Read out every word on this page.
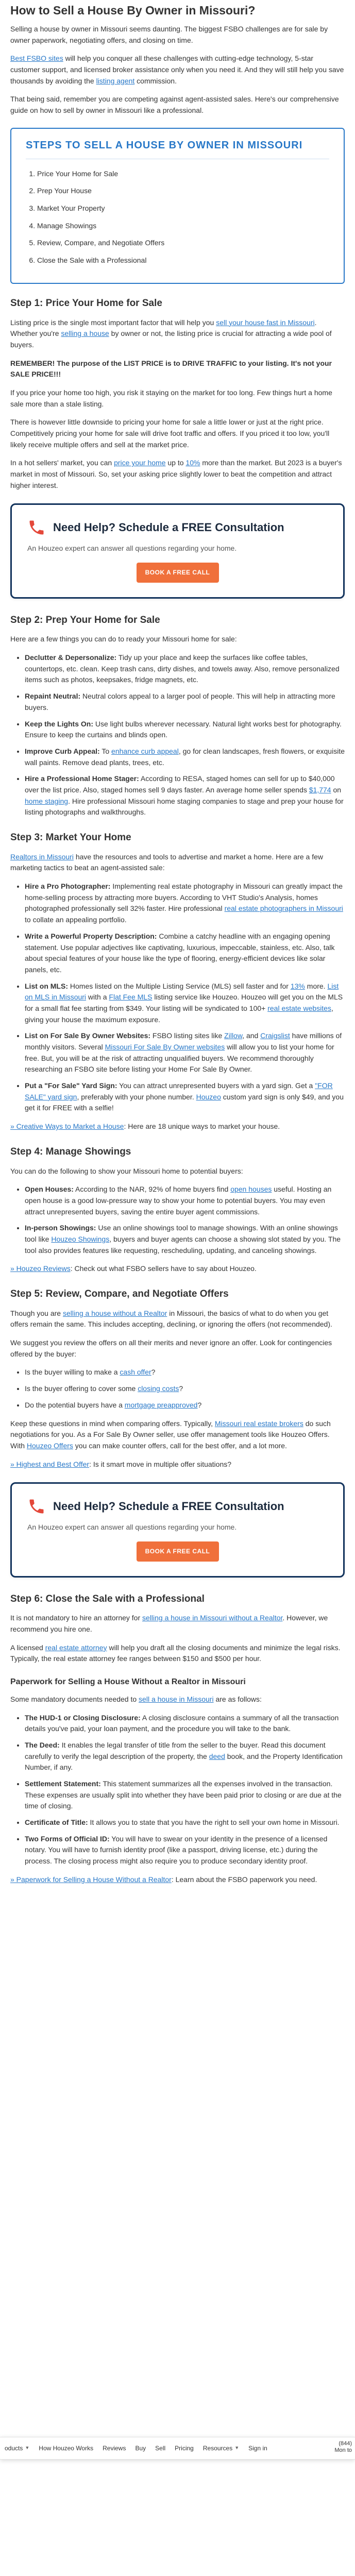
How to Sell a House By Owner in Missouri?

Selling a house by owner in Missouri seems daunting. The biggest FSBO challenges are for sale by owner paperwork, negotiating offers, and closing on time.

Best FSBO sites will help you conquer all these challenges with cutting-edge technology, 5-star customer support, and licensed broker assistance only when you need it. And they will still help you save thousands by avoiding the listing agent commission.

That being said, remember you are competing against agent-assisted sales. Here's our comprehensive guide on how to sell by owner in Missouri like a professional.

STEPS TO SELL A HOUSE BY OWNER IN MISSOURI
1. Price Your Home for Sale
2. Prep Your House
3. Market Your Property
4. Manage Showings
5. Review, Compare, and Negotiate Offers
6. Close the Sale with a Professional
Step 1: Price Your Home for Sale

Listing price is the single most important factor that will help you sell your house fast in Missouri. Whether you're selling a house by owner or not, the listing price is crucial for attracting a wide pool of buyers.

REMEMBER! The purpose of the LIST PRICE is to DRIVE TRAFFIC to your listing. It's not your SALE PRICE!!!

If you price your home too high, you risk it staying on the market for too long. Few things hurt a home sale more than a stale listing.

There is however little downside to pricing your home for sale a little lower or just at the right price. Competitively pricing your home for sale will drive foot traffic and offers. If you priced it too low, you'll likely receive multiple offers and sell at the market price.

In a hot sellers' market, you can price your home up to 10% more than the market. But 2023 is a buyer's market in most of Missouri. So, set your asking price slightly lower to beat the competition and attract higher interest.

Need Help? Schedule a FREE Consultation
An Houzeo expert can answer all questions regarding your home.
BOOK A FREE CALL
Step 2: Prep Your Home for Sale

Here are a few things you can do to ready your Missouri home for sale:

• Declutter & Depersonalize: Tidy up your place and keep the surfaces like coffee tables, countertops, etc. clean. Keep trash cans, dirty dishes, and towels away. Also, remove personalized items such as photos, keepsakes, fridge magnets, etc.
• Repaint Neutral: Neutral colors appeal to a larger pool of people. This will help in attracting more buyers.
• Keep the Lights On: Use light bulbs wherever necessary. Natural light works best for photography. Ensure to keep the curtains and blinds open.
• Improve Curb Appeal: To enhance curb appeal, go for clean landscapes, fresh flowers, or exquisite wall paints. Remove dead plants, trees, etc.
• Hire a Professional Home Stager: According to RESA, staged homes can sell for up to $40,000 over the list price. Also, staged homes sell 9 days faster. An average home seller spends $1,774 on home staging. Hire professional Missouri home staging companies to stage and prep your house for listing photographs and walkthroughs.
Step 3: Market Your Home

Realtors in Missouri have the resources and tools to advertise and market a home. Here are a few marketing tactics to beat an agent-assisted sale:

• Hire a Pro Photographer: Implementing real estate photography in Missouri can greatly impact the home-selling process by attracting more buyers. According to VHT Studio's Analysis, homes photographed professionally sell 32% faster. Hire professional real estate photographers in Missouri to collate an appealing portfolio.
• Write a Powerful Property Description: Combine a catchy headline with an engaging opening statement. Use popular adjectives like captivating, luxurious, impeccable, stainless, etc. Also, talk about special features of your house like the type of flooring, energy-efficient devices like solar panels, etc.
• List on MLS: Homes listed on the Multiple Listing Service (MLS) sell faster and for 13% more. List on MLS in Missouri with a Flat Fee MLS listing service like Houzeo. Houzeo will get you on the MLS for a small flat fee starting from $349. Your listing will be syndicated to 100+ real estate websites, giving your house the maximum exposure.
• List on For Sale By Owner Websites: FSBO listing sites like Zillow, and Craigslist have millions of monthly visitors. Several Missouri For Sale By Owner websites will allow you to list your home for free. But, you will be at the risk of attracting unqualified buyers. We recommend thoroughly researching an FSBO site before listing your Home For Sale By Owner.
• Put a "For Sale" Yard Sign: You can attract unrepresented buyers with a yard sign. Get a "FOR SALE" yard sign, preferably with your phone number. Houzeo custom yard sign is only $49, and you get it for FREE with a selfie!

» Creative Ways to Market a House: Here are 18 unique ways to market your house.

Step 4: Manage Showings

You can do the following to show your Missouri home to potential buyers:

• Open Houses: According to the NAR, 92% of home buyers find open houses useful. Hosting an open house is a good low-pressure way to show your home to potential buyers. You may even attract unrepresented buyers, saving the entire buyer agent commissions.
• In-person Showings: Use an online showings tool to manage showings. With an online showings tool like Houzeo Showings, buyers and buyer agents can choose a showing slot stated by you. The tool also provides features like requesting, rescheduling, updating, and canceling showings.

» Houzeo Reviews: Check out what FSBO sellers have to say about Houzeo.

Step 5: Review, Compare, and Negotiate Offers

Though you are selling a house without a Realtor in Missouri, the basics of what to do when you get offers remain the same. This includes accepting, declining, or ignoring the offers (not recommended).

We suggest you review the offers on all their merits and never ignore an offer. Look for contingencies offered by the buyer:

• Is the buyer willing to make a cash offer?
• Is the buyer offering to cover some closing costs?
• Do the potential buyers have a mortgage preapproved?

Keep these questions in mind when comparing offers. Typically, Missouri real estate brokers do such negotiations for you. As a For Sale By Owner seller, use offer management tools like Houzeo Offers. With Houzeo Offers you can make counter offers, call for the best offer, and a lot more.

» Highest and Best Offer: Is it smart move in multiple offer situations?

Need Help? Schedule a FREE Consultation
An Houzeo expert can answer all questions regarding your home.
BOOK A FREE CALL
Step 6: Close the Sale with a Professional

It is not mandatory to hire an attorney for selling a house in Missouri without a Realtor. However, we recommend you hire one.

A licensed real estate attorney will help you draft all the closing documents and minimize the legal risks. Typically, the real estate attorney fee ranges between $150 and $500 per hour.

Paperwork for Selling a House Without a Realtor in Missouri

Some mandatory documents needed to sell a house in Missouri are as follows:

• The HUD-1 or Closing Disclosure: A closing disclosure contains a summary of all the transaction details you've paid, your loan payment, and the procedure you will take to the bank.
• The Deed: It enables the legal transfer of title from the seller to the buyer. Read this document carefully to verify the legal description of the property, the deed book, and the Property Identification Number, if any.
• Settlement Statement: This statement summarizes all the expenses involved in the transaction. These expenses are usually split into whether they have been paid prior to closing or are due at the time of closing.
• Certificate of Title: It allows you to state that you have the right to sell your own home in Missouri.
• Two Forms of Official ID: You will have to swear on your identity in the presence of a licensed notary. You will have to furnish identity proof (like a passport, driving license, etc.) during the process. The closing process might also require you to produce secondary identity proof.

» Paperwork for Selling a House Without a Realtor: Learn about the FSBO paperwork you need.

oducts ▼ How Houzeo Works Reviews Buy Sell Pricing Resources ▼ Sign in
(844)
Mon to
